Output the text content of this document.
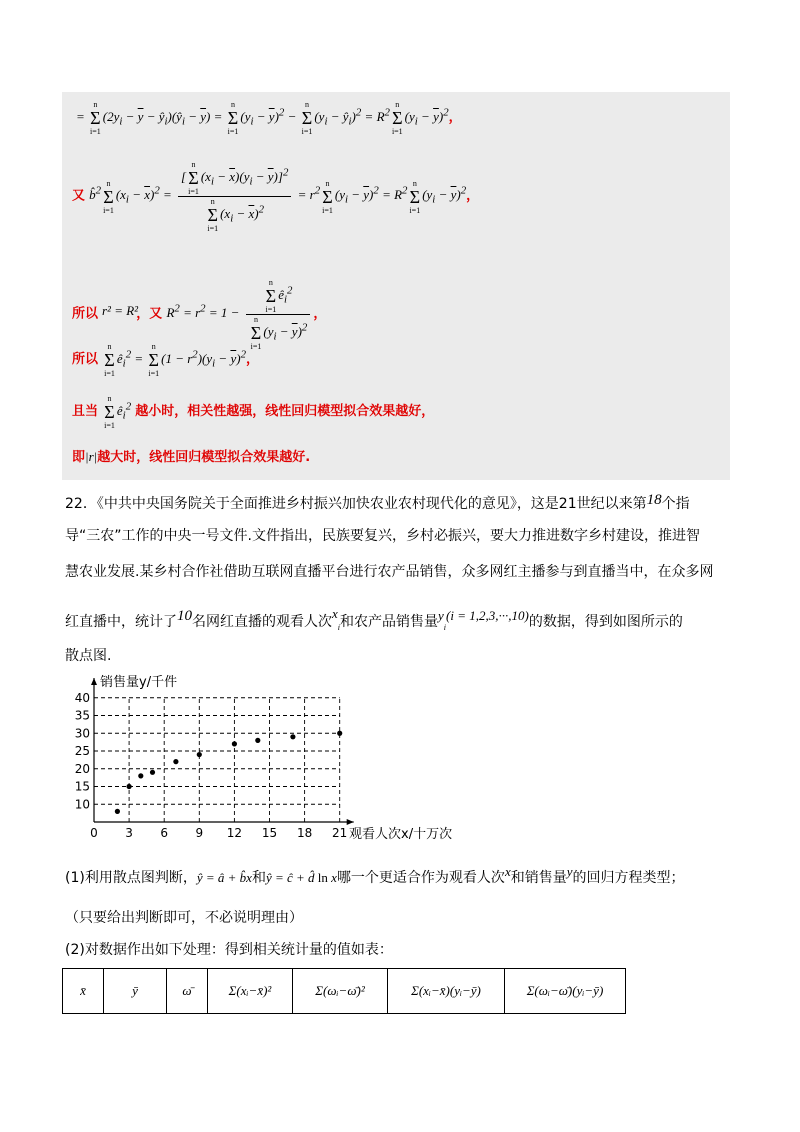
= n
Σ
$i=1(2y_i - \overline{y}$ − $ŷ_i)(ŷ_i - \overline{y}) = n$
Σ
$i=1(y_i - \overline{y})^2 - n$
Σ
$i=1(y_i$ − $ŷ_i)^2 = R^2n$
Σ
$i=1(y_i - \overline{y})^2$，
又 b̂$^2$n
Σ
$i=1(x_i - \overline{x})^2$ =
[n
Σ
$i=1(x_i - \overline{x})(y_i - \overline{y})]^2$
n
Σ
$i=1(x_i - \overline{x})^2$
= $r^2n$
Σ
$i=1(y_i - \overline{y})^2 = R^2n$
Σ
$i=1(y_i - \overline{y})^2$，
所以	，又 $R^2 = r^2 = 1$ −
n
Σ
$i=1ê_i^2$
n
Σ
$i=1(y_i - \overline{y})^2$
，
r² = R²
所以 n
Σ
$i=1ê_i^2 = n$
Σ
$i=1(1 - r^2)(y_i - \overline{y})^2$，
且当 n
Σ
$i=1ê_i^2$ 越小时，相关性越强，线性回归模型拟合效果越好，
即|r|越大时，线性回归模型拟合效果越好.
22．《中共中央国务院关于全面推进乡村振兴加快农业农村现代化的意见》，这是21世纪以来第18个指
导“三农”工作的中央一号文件.文件指出，民族要复兴，乡村必振兴，要大力推进数字乡村建设，推进智
慧农业发展.某乡村合作社借助互联网直播平台进行农产品销售，众多网红主播参与到直播当中，在众多网
红直播中，统计了10名网红直播的观看人次$x_i$和农产品销售量$y_i(i = 1,2,3,\cdot\cdot\cdot,10)$的数据，得到如图所示的
散点图.
0 3 6 9 12 15 18 21
10
15
20
25
30
35
40
销售量y/千件
观看人次x/十万次
(1)利用散点图判断，ŷ = â + b̂x和ŷ = ĉ + d̂ ln x哪一个更适合作为观看人次x和销售量y的回归方程类型；
（只要给出判断即可，不必说明理由）
(2)对数据作出如下处理：得到相关统计量的值如表：
x̄	ȳ	ω̄	Σ(xᵢ−x̄)²	Σ(ωᵢ−ω̄)²	Σ(xᵢ−x̄)(yᵢ−ȳ)	Σ(ωᵢ−ω̄)(yᵢ−ȳ)
